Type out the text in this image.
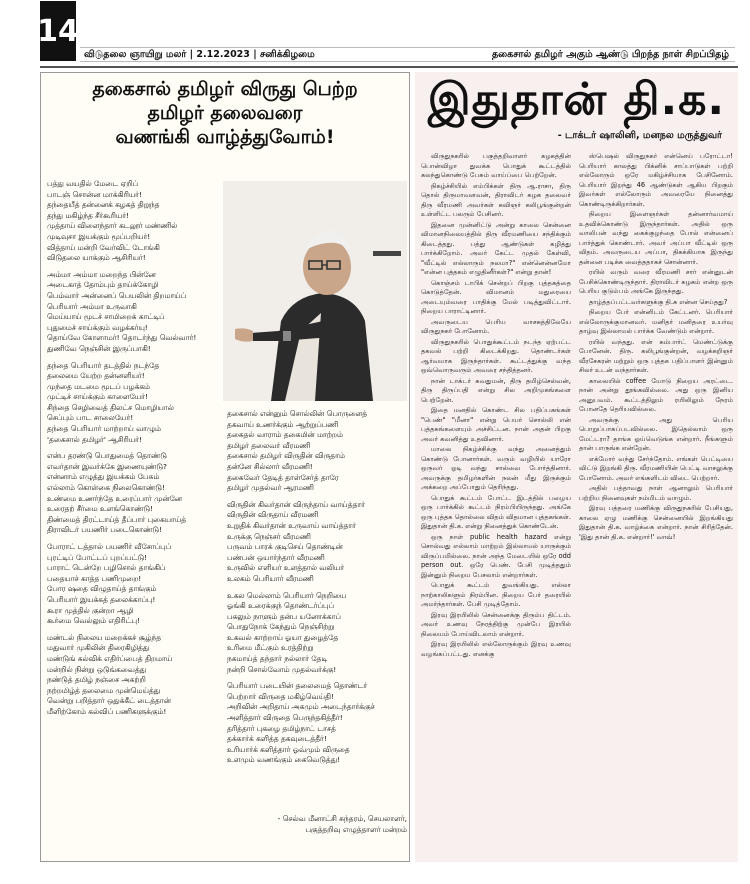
14
விடுதலை ஞாயிறு மலர் | 2.12.2023 | சனிக்கிழமை	தகைசால் தமிழர் அகும் ஆண்டு பிறந்த நாள் சிறப்பிதழ்
தகைசால் தமிழர் விருது பெற்ற
தமிழர் தலைவரை
வணங்கி வாழ்த்துவோம்!
பத்து வயதில் மேடை ஏறிப்
பாடஞ் சொன்ன மாக்கிரியர்!
தந்தையீத் தன்னைக் கழகத் திறுந்த
தந்து மகிழ்ந்த சீர்கூரியர்!
முத்தாய் விளைந்தார் கடலூர் மண்ணில்
முடிவுசா இயக்கும் மூப்பறியர்!
வித்தாய் மன்றி வேர்விட் டோங்கி
விடுதலை யாக்கும் ஆசிரியர்!
அம்மா அம்மா மறைந்த பின்னே
அடைகாத் தோம்பும் தாய்க்கோழி
பெம்வார் அன்னைப் பெயலின் திறமாய்ப்
பெரியார் அம்மா உருவாகி
மெய்யாய் மூடச் சாமிறைக் காட்டிப்
புதுமைச் சாய்க்கும் வழக்கர்யு!
தொய்வே கோளாமர்! தொடர்ந்து வெல்வார்!
துணிவே நெஞ்சின் இருப்பாகி!
தந்தை பெரியார் தடத்தில் நடந்தே
தலைமை யேற்ற தன்னளியர்!
முந்தை மடமை மூடப் பழக்கம்
முட்டிச் சாய்க்கும் காளையேர்!
சிந்தை செழிவைத் திலட்ச மொழியால்
செப்பும் பாட சாலையேர்!
தந்தை பெரியார் மாற்றாய் வாழும்
'தகைசால் தமிழர்' ஆசிரியர்!
என்ப தரண்டு பொதுமைத் தொண்டு
எவர்தான் இவர்க்கே இணையுண்டு?
என்னாம் எழுத்து இயக்கம் பேசும்
எல்லாம் கொள்கை நிலைகொண்டு!
உண்மை உணர்ந்தே உரைப்பார் முன்னே
உரைதற் சீர்மை உளங்கொண்டு!
திண்மைத் திரட்டாய்த் தீப்பார் புகையாய்த்
திராவிடர் பயணிர் படைகொண்டு!
போராட் டத்தால் பயணிர் வீசோப்புப்
புரட்டிப் போட்டப் புறப்பட்டு!
பாராட் டென்றே பழிசொல் தாங்கிப்
பதையாச் காத்த பணிமுறை!
போர ஷதை விழுதாய்த் தாங்கும்
பெரியார் இயக்கத் தலைக்காப்பு!
கூரா முத்தில் குன்றா ஆழி
கூர்மை வெல்லும் எதிரிட்பு!
மண்டல் நிலைய மறைக்கச் சூழ்ந்த
மதுவார் முகிலின் திரைகிழித்து
மண்டுங் கல்விக் எதிர்ப்பைத் திறமாய்
மன்றில் நின்று ஒடுங்கவைத்து
நண்டுத் தமிழ் நஞ்சை அகற்றி
நற்றமிழ்த் தலைமை முன்மெய்த்து
வென்று பறித்தார் ஒதுக்கீட் டைத்தான்
மீளிற்கோம் கல்விப் பணிகளுக்கும்!
தகைசால் என்னும் சொல்லின் பொருளைத்
தகவாய் உணர்க்கும் ஆற்றுப்பணி
தகைதல் வாராம் தகைமின் மாற்றம்
தமிழர் தலைவர் வீரமணி
தகைசால் தமிழர் விருதின் விருதாம்
தன்னே சில்லார் வீரமணி!
தகைவேர் தேடித் தாள்சேர்த் தாரே
தமிழர் முதல்வர் ஆரமணி
விருதின் கிவர்தான் விருந்தாய் வாய்த்தார்
விருதின் விருதாய் வீரமணி
உறுதிக் கிவர்தான் உருவாய் வாய்த்தார்
உருக்கு நெஞ்சர் வீரமணி
பருவம் பாரக் குடிசெய் தொண்டின்
பண்பன் ஒயார்ந்தார் வீரமணி
உருவில் எளியர் உளத்தால் வலியர்
உலகம் பெரியார் வீரமணி
உகல மெல்லாம் பெரியார் நெறியை
ஓங்கி உரைக்குந் தொண்டர்ப்புப்
பகலும் நாளும் தன்ப யனோக்காப்
பொதுநோக் கேந்தும் நெஞ்சிற்று
உகவல் காற்றாய் ஓயா துழைத்தே
உரிமை மீட்கும் உரத்திற்று
நகமாய்த் தந்தார் நல்லார் தேடி
நன்றி சொல்வோம் முதல்வர்க்கு!
பெரியார் படையின் தலைமைத் தொண்டர்
பெற்றார் விருதை மகிழ்வெய்தி!
அறிவின் அறிதாய் அகமும் அடைந்தார்க்குச்
அளித்தார் விருதை பெருந்தகித்தீர்!
தரித்தார் புகழை தமிழ்நாட் டாசத்
தக்கார்க் களித்த தகவுடைத்தீர்!
உரியார்க் களித்தார் ஓவ்மும் விருதை
உளமும் வணங்கும் கைவெடுத்து!
- செல்வ மீனாட்சி சுந்தரம், செயலாளர்,
பகுத்தறிவு எழுத்தாளர் மன்றம்
இதுதான் தி.க.
- டாக்டர் ஷாலினி, மனநல மருத்துவர்

விருதுநகரில் பகுத்தறிவாளர் கழகத்தின் பொன்விழா துவக்க பொதுக் கூட்டத்தில் கலந்துகொண்டு பேசும் வாய்ப்பை பெற்றேன்.

நிகழ்ச்சியில் எம்பிக்கள் திரு ஆ.ராசா, திரு தொல் திருமாவளவன், திராவிடர் கழக தலைவர் திரு வீரமணி அவர்கள் கவிஞர் கலிபூங்குன்றன் உள்ளிட்ட பலரும் பேசினர்.

இதனை முன்னிட்டு அன்று காலை சென்னை விமானநிலையத்தில் திரு வீரமணியை சந்திக்கும் கிடைத்தது. பத்து ஆண்டுகள் கழித்து பார்க்கிறோம். அவர் கேட்ட முதல் கேள்வி, "வீட்டில் எல்லாரும் நலமா?" என்னென்னமோ "என்ன புத்தகம் எழுதினீர்கள்?" என்று தான்!

கொஞ்சம் டாபிக் சென்றப் பிறகு புத்தகத்தை கொடுத்தேன். விமானம் மதுரையை அடையும்வரை பாதிக்கு மேல் படித்துவிட்டார். நிறைய பாராட்டினார்.

அவருடைய பெரிய வாசகத்திலேயே விருதுநகர் போனோம்.

விருதுநகரில் பொதுக்கூட்டம் நடந்த ஏற்பட்ட தகவல் பற்றி கிடைக்கிறது. தொண்டர்கள் ஆர்வமாக இருந்தார்கள். கூட்டத்துக்கு வந்த ஒவ்வொருவரும் அவரை சந்தித்தனர்.

நான் டாக்டர் சுவதுமன், திரு தமிழ்செல்வன், திரு திருப்பதி என்று சில அறிமுகங்களை பெற்றேன்.

இதை மனதில் கொண்ட சில பதிப்பகங்கள் "பெண்" "மீனா" என்று பெயர் சொல்லி என் புத்தகங்களையும் அச்சிட்டன. நான் அதன் பிறகு அவர் கவனித்து உதவினார்.

மாலை நிகழ்ச்சிக்கு வந்து அனைத்தும் கொண்டு போனார்கள். வரும் வழியில் யாரோ ஒருவர் ஓடி வந்து சால்வை போர்த்தினார். அவருக்கு தமிழர்களின் நலன் மீது இருக்கும் அக்கறை அப்போதும் தெரிந்தது.

பொதுக் கூட்டம் போட்ட இடத்தில் பழைய ஒரு பார்க்கில் கூட்டம் நிரம்பியிருந்தது. அங்கே ஒரு புத்தக தொல்லை விதம் விதமான புத்தகங்கள். இதுதான் தி.க. என்று நினைத்துக் கொண்டேன்.

ஒரு நாள் public health hazard என்று சொல்வது எல்லாம் மாற்றம் இல்லாமல் யாருக்கும் விருப்பமில்லை. நான் அந்த மேடையில் ஒரே odd person out. ஒரே பெண். பேசி முடித்ததும் இன்னும் நிறைய பேசலாம் என்றார்கள்.

பொதுக் கூட்டம் துவங்கியது. எல்லா நாற்காலிகளும் நிரம்பின. நிறைய பேர் தரையில் அமர்ந்தார்கள். பேசி முடித்தோம்.

இரவு இரயிலில் சென்னைக்கு திரும்ப திட்டம். அவர் உணவு நேரத்திற்கு முன்பே இரயில் நிலையம் போய்விடலாம் என்றார்.

இரவு இரயிலில் எல்லோருக்கும் இரவு உணவு வழங்கப்பட்டது. எனக்கு

ஸ்பெஷல் விருதுநகர் என்னெய் பரோட்டா! பெரியார் காலத்து பிக்னிக் சாப்பாடுகள் பற்றி எல்லோரும் ஒரே மகிழ்ச்சியாக பேசினோம். பெரியார் இறந்து 46 ஆண்டுகள் ஆகிய பிறகும் இவர்கள் எல்லோரும் அவரையே நினைத்து கொண்டிருக்கிறார்கள்.

நிறைய இளைஞர்கள் தன்னார்வமாய் உதவிக்கொண்டு இருந்தார்கள். அதில் ஒரு வாலிபன் வந்து கைக்குழந்தை போல் என்னைப் பார்த்துக் கொண்டார். அவர் அப்பா வீட்டில் ஒரு விதம். அவருடைய அப்பா, திகக்கியாக இருந்து தன்னை படிக்க வைத்ததாகச் சொன்னார்.

ரயில் வரும் வரை வீரமணி சார் என்னுடன் பேசிக்கொண்டிருந்தார். திராவிடர் கழகம் என்ற ஒரு பெரிய குடும்பம் அங்கே இருந்தது.

தாழ்த்தப்பட்டவர்களுக்கு தி.க என்ன செய்தது?

நிறைய பேர் என்னிடம் கேட்டனர். பெரியார் எல்லோருக்குமானவர். மனிதர் மனிதரை உயர்வு தாழ்வு இல்லாமல் பார்க்க வேண்டும் என்றார்.

ரயில் வந்தது. என் கம்பார்ட் மெண்ட்டுக்கு போனேன். திரு. கலிபூங்குன்றன், வழக்கறிஞர் வீரசேகரன் மற்றும் ஒரு புத்தக பதிப்பாளர் இன்னும் சிலர் உடன் வந்தார்கள்.

காலையில் coffee யோடு நிறைய அரட்டை. நான் அன்று தூங்கவில்லை. அது ஒரு இனிய அனுபவம். கூட்டத்திலும் ரயிலிலும் நேரம் போனதே தெரியவில்லை.

அவருக்கு அது பெரிய பொறுப்பாகப்படவில்லை. இதெல்லாம் ஒரு மேட்டரா? தாங்க ஓய்வெடுங்க என்றார். நீங்களும் தான் பாருங்க என்றேன்.

எக்மோர் வந்து சேர்ந்தோம். எங்கள் பெட்டியை விட்டு இறங்கி திரு. வீரமணியின் பெட்டி வாசலுக்கு போனோம். அவர் எங்களிடம் விடை பெற்றார்.

அதில் பத்தாவது நாள் ஆனாலும் பெரியார் பற்றிய நினைவுகள் நம்மிடம் வாழும்.

இரவு பத்தரை மணிக்கு விருதுநகரில் பேசியது, காலை ஏழு மணிக்கு சென்னையில் இறங்கியது இதுதான் தி.க. வாழ்க்கை என்றார். நான் சிரித்தேன். 'இது தான் தி.க. என்றார்!' வாவ்!
